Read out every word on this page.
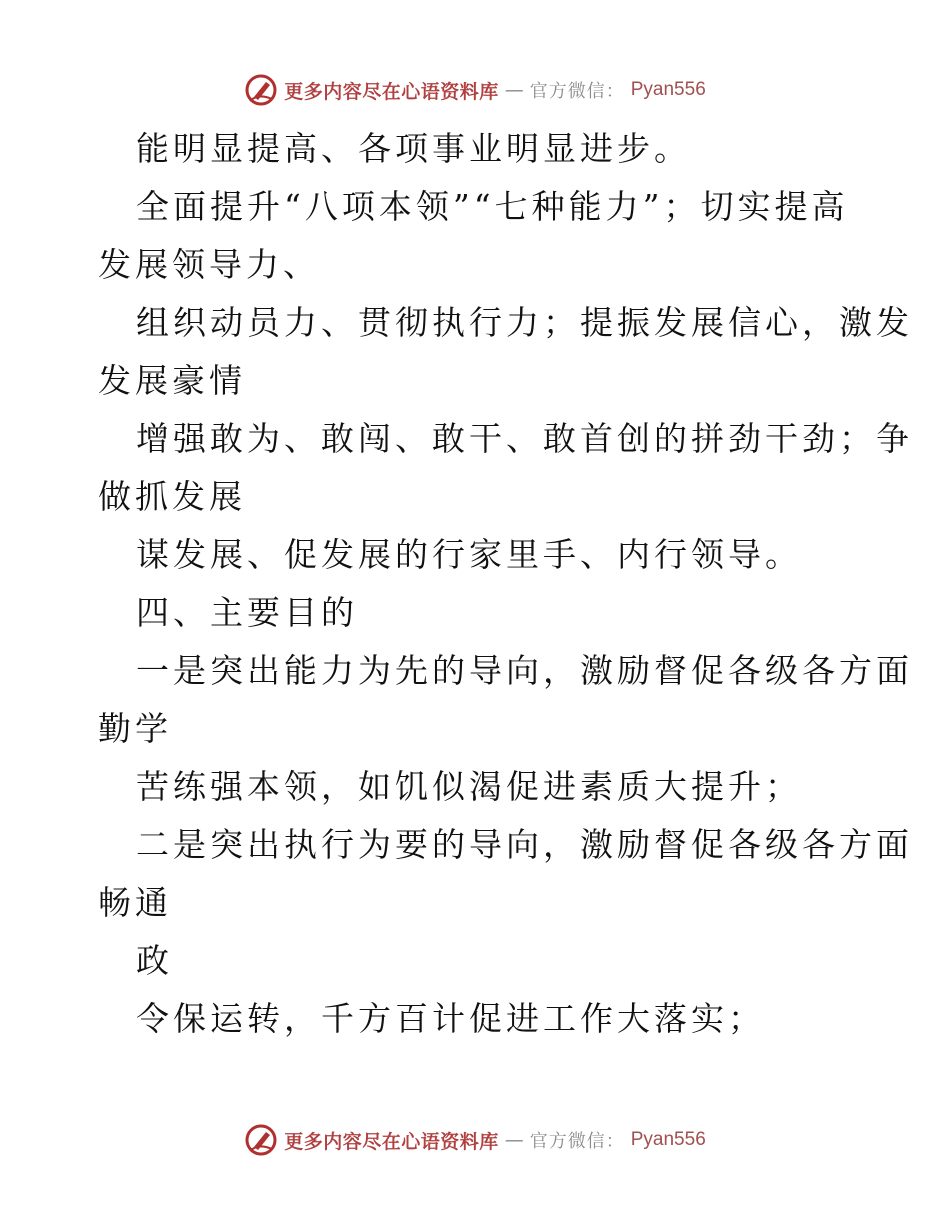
更多内容尽在心语资料库 — 官方微信： Pyan556
能明显提高、各项事业明显进步。
全面提升“八项本领”“七种能力”；切实提高
发展领导力、
组织动员力、贯彻执行力；提振发展信心，激发
发展豪情
增强敢为、敢闯、敢干、敢首创的拼劲干劲；争
做抓发展
谋发展、促发展的行家里手、内行领导。
四、主要目的
一是突出能力为先的导向，激励督促各级各方面
勤学
苦练强本领，如饥似渴促进素质大提升；
二是突出执行为要的导向，激励督促各级各方面
畅通
政
令保运转，千方百计促进工作大落实；
更多内容尽在心语资料库 — 官方微信： Pyan556
